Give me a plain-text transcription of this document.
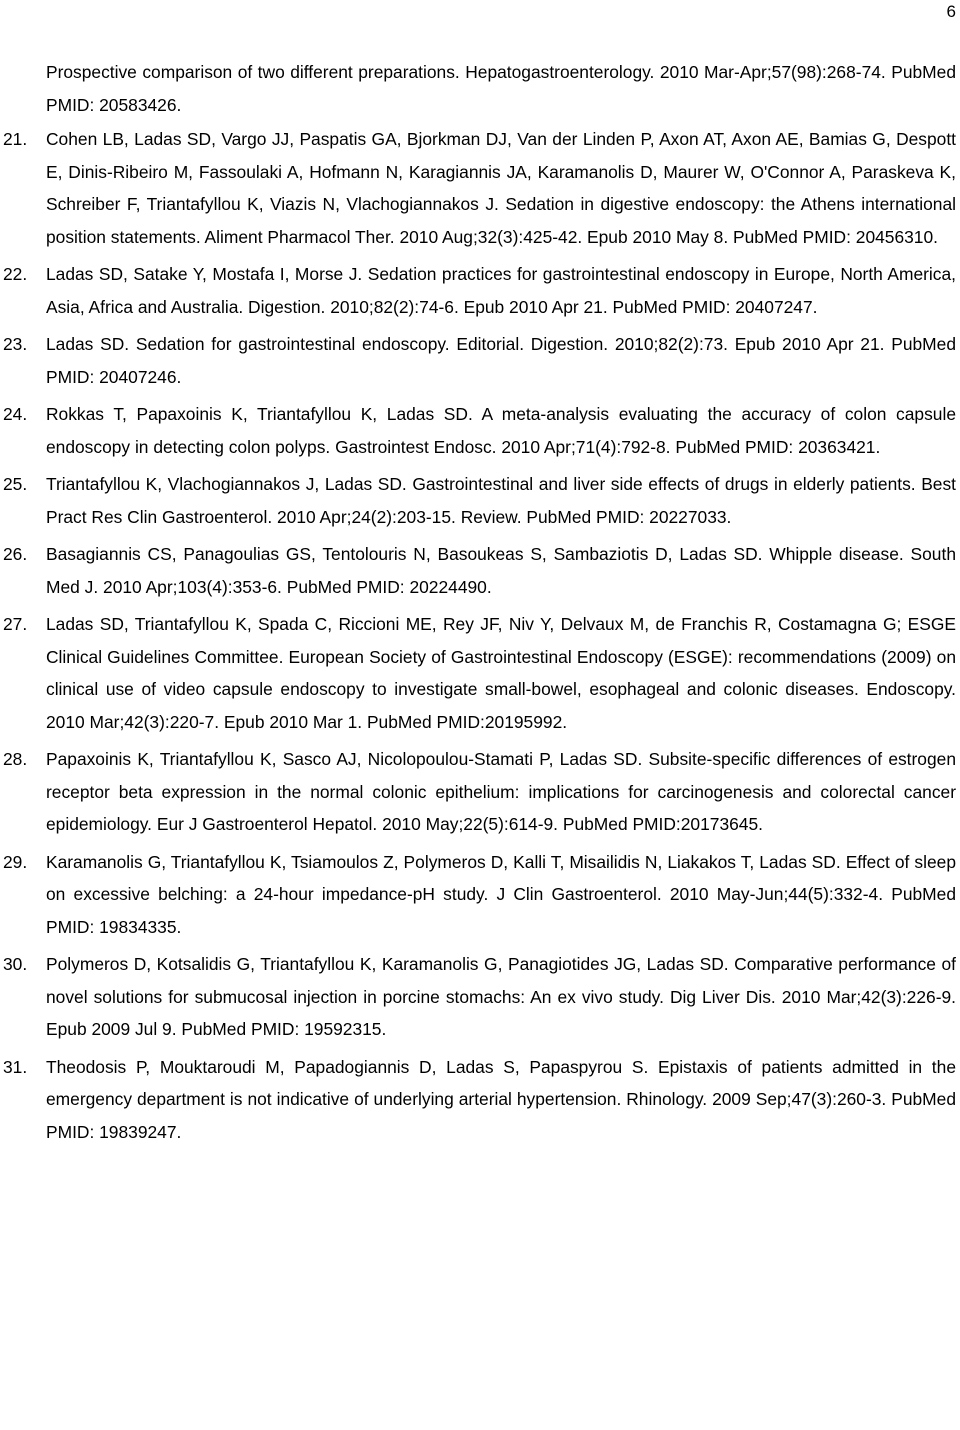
6
Prospective comparison of two different preparations. Hepatogastroenterology. 2010 Mar-Apr;57(98):268-74. PubMed PMID: 20583426.
21. Cohen LB, Ladas SD, Vargo JJ, Paspatis GA, Bjorkman DJ, Van der Linden P, Axon AT, Axon AE, Bamias G, Despott E, Dinis-Ribeiro M, Fassoulaki A, Hofmann N, Karagiannis JA, Karamanolis D, Maurer W, O'Connor A, Paraskeva K, Schreiber F, Triantafyllou K, Viazis N, Vlachogiannakos J. Sedation in digestive endoscopy: the Athens international position statements. Aliment Pharmacol Ther. 2010 Aug;32(3):425-42. Epub 2010 May 8. PubMed PMID: 20456310.
22. Ladas SD, Satake Y, Mostafa I, Morse J. Sedation practices for gastrointestinal endoscopy in Europe, North America, Asia, Africa and Australia. Digestion. 2010;82(2):74-6. Epub 2010 Apr 21. PubMed PMID: 20407247.
23. Ladas SD. Sedation for gastrointestinal endoscopy. Editorial. Digestion. 2010;82(2):73. Epub 2010 Apr 21. PubMed PMID: 20407246.
24. Rokkas T, Papaxoinis K, Triantafyllou K, Ladas SD. A meta-analysis evaluating the accuracy of colon capsule endoscopy in detecting colon polyps. Gastrointest Endosc. 2010 Apr;71(4):792-8. PubMed PMID: 20363421.
25. Triantafyllou K, Vlachogiannakos J, Ladas SD. Gastrointestinal and liver side effects of drugs in elderly patients. Best Pract Res Clin Gastroenterol. 2010 Apr;24(2):203-15. Review. PubMed PMID: 20227033.
26. Basagiannis CS, Panagoulias GS, Tentolouris N, Basoukeas S, Sambaziotis D, Ladas SD. Whipple disease. South Med J. 2010 Apr;103(4):353-6. PubMed PMID: 20224490.
27. Ladas SD, Triantafyllou K, Spada C, Riccioni ME, Rey JF, Niv Y, Delvaux M, de Franchis R, Costamagna G; ESGE Clinical Guidelines Committee. European Society of Gastrointestinal Endoscopy (ESGE): recommendations (2009) on clinical use of video capsule endoscopy to investigate small-bowel, esophageal and colonic diseases. Endoscopy. 2010 Mar;42(3):220-7. Epub 2010 Mar 1. PubMed PMID:20195992.
28. Papaxoinis K, Triantafyllou K, Sasco AJ, Nicolopoulou-Stamati P, Ladas SD. Subsite-specific differences of estrogen receptor beta expression in the normal colonic epithelium: implications for carcinogenesis and colorectal cancer epidemiology. Eur J Gastroenterol Hepatol. 2010 May;22(5):614-9. PubMed PMID:20173645.
29. Karamanolis G, Triantafyllou K, Tsiamoulos Z, Polymeros D, Kalli T, Misailidis N, Liakakos T, Ladas SD. Effect of sleep on excessive belching: a 24-hour impedance-pH study. J Clin Gastroenterol. 2010 May-Jun;44(5):332-4. PubMed PMID: 19834335.
30. Polymeros D, Kotsalidis G, Triantafyllou K, Karamanolis G, Panagiotides JG, Ladas SD. Comparative performance of novel solutions for submucosal injection in porcine stomachs: An ex vivo study. Dig Liver Dis. 2010 Mar;42(3):226-9. Epub 2009 Jul 9. PubMed PMID: 19592315.
31. Theodosis P, Mouktaroudi M, Papadogiannis D, Ladas S, Papaspyrou S. Epistaxis of patients admitted in the emergency department is not indicative of underlying arterial hypertension. Rhinology. 2009 Sep;47(3):260-3. PubMed PMID: 19839247.
